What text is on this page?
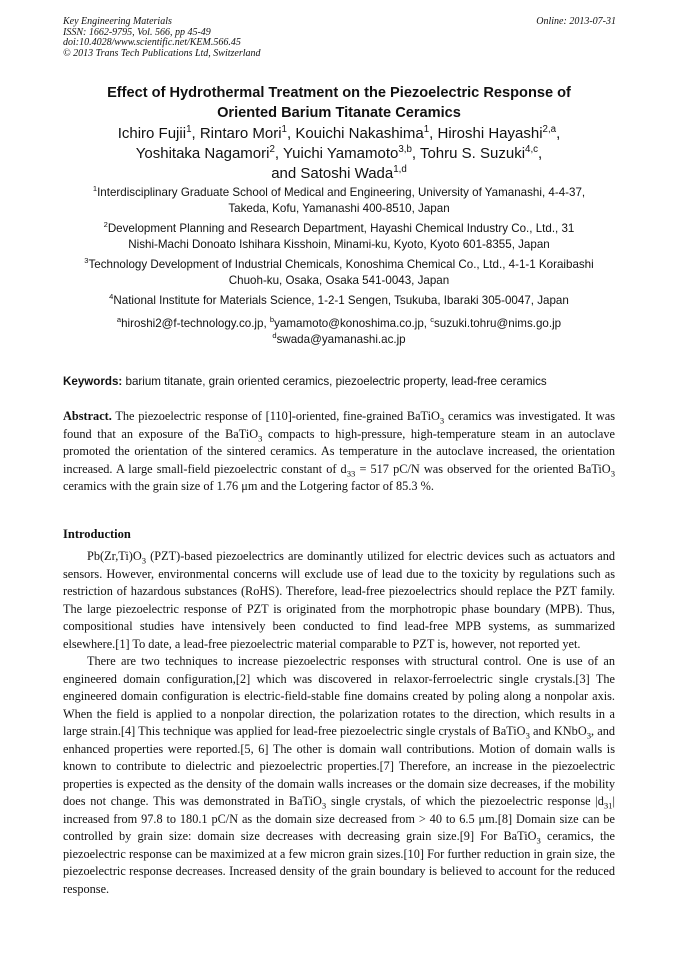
Key Engineering Materials
ISSN: 1662-9795, Vol. 566, pp 45-49
doi:10.4028/www.scientific.net/KEM.566.45
© 2013 Trans Tech Publications Ltd, Switzerland
Online: 2013-07-31
Effect of Hydrothermal Treatment on the Piezoelectric Response of
Oriented Barium Titanate Ceramics
Ichiro Fujii$^1$, Rintaro Mori$^1$, Kouichi Nakashima$^1$, Hiroshi Hayashi$^{2,a}$,
Yoshitaka Nagamori$^2$, Yuichi Yamamoto$^{3,b}$, Tohru S. Suzuki$^{4,c}$,
and Satoshi Wada$^{1,d}$
$^1$Interdisciplinary Graduate School of Medical and Engineering, University of Yamanashi, 4-4-37,
Takeda, Kofu, Yamanashi 400-8510, Japan
$^2$Development Planning and Research Department, Hayashi Chemical Industry Co., Ltd., 31
Nishi-Machi Donoato Ishihara Kisshoin, Minami-ku, Kyoto, Kyoto 601-8355, Japan
$^3$Technology Development of Industrial Chemicals, Konoshima Chemical Co., Ltd., 4-1-1 Koraibashi
Chuoh-ku, Osaka, Osaka 541-0043, Japan
$^4$National Institute for Materials Science, 1-2-1 Sengen, Tsukuba, Ibaraki 305-0047, Japan
$^a$hiroshi2@f-technology.co.jp, $^b$yamamoto@konoshima.co.jp, $^c$suzuki.tohru@nims.go.jp
$^d$swada@yamanashi.ac.jp
Keywords: barium titanate, grain oriented ceramics, piezoelectric property, lead-free ceramics
Abstract. The piezoelectric response of [110]-oriented, fine-grained BaTiO$_3$ ceramics was investigated. It was found that an exposure of the BaTiO$_3$ compacts to high-pressure, high-temperature steam in an autoclave promoted the orientation of the sintered ceramics. As temperature in the autoclave increased, the orientation increased. A large small-field piezoelectric constant of $d_{33} = 517$ pC/N was observed for the oriented BaTiO$_3$ ceramics with the grain size of 1.76 μm and the Lotgering factor of 85.3 %.
Introduction

$Pb(Zr,Ti)O_3$ (PZT)-based piezoelectrics are dominantly utilized for electric devices such as actuators and sensors. However, environmental concerns will exclude use of lead due to the toxicity by regulations such as restriction of hazardous substances (RoHS). Therefore, lead-free piezoelectrics should replace the PZT family. The large piezoelectric response of PZT is originated from the morphotropic phase boundary (MPB). Thus, compositional studies have intensively been conducted to find lead-free MPB systems, as summarized elsewhere.[1] To date, a lead-free piezoelectric material comparable to PZT is, however, not reported yet.

There are two techniques to increase piezoelectric responses with structural control. One is use of an engineered domain configuration,[2] which was discovered in relaxor-ferroelectric single crystals.[3] The engineered domain configuration is electric-field-stable fine domains created by poling along a nonpolar axis. When the field is applied to a nonpolar direction, the polarization rotates to the direction, which results in a large strain.[4] This technique was applied for lead-free piezoelectric single crystals of BaTiO$_3$ and KNbO$_3$, and enhanced properties were reported.[5, 6] The other is domain wall contributions. Motion of domain walls is known to contribute to dielectric and piezoelectric properties.[7] Therefore, an increase in the piezoelectric properties is expected as the density of the domain walls increases or the domain size decreases, if the mobility does not change. This was demonstrated in BaTiO$_3$ single crystals, of which the piezoelectric response $|d_{31}|$ increased from 97.8 to 180.1 pC/N as the domain size decreased from > 40 to 6.5 μm.[8] Domain size can be controlled by grain size: domain size decreases with decreasing grain size.[9] For BaTiO$_3$ ceramics, the piezoelectric response can be maximized at a few micron grain sizes.[10] For further reduction in grain size, the piezoelectric response decreases. Increased density of the grain boundary is believed to account for the reduced response.
